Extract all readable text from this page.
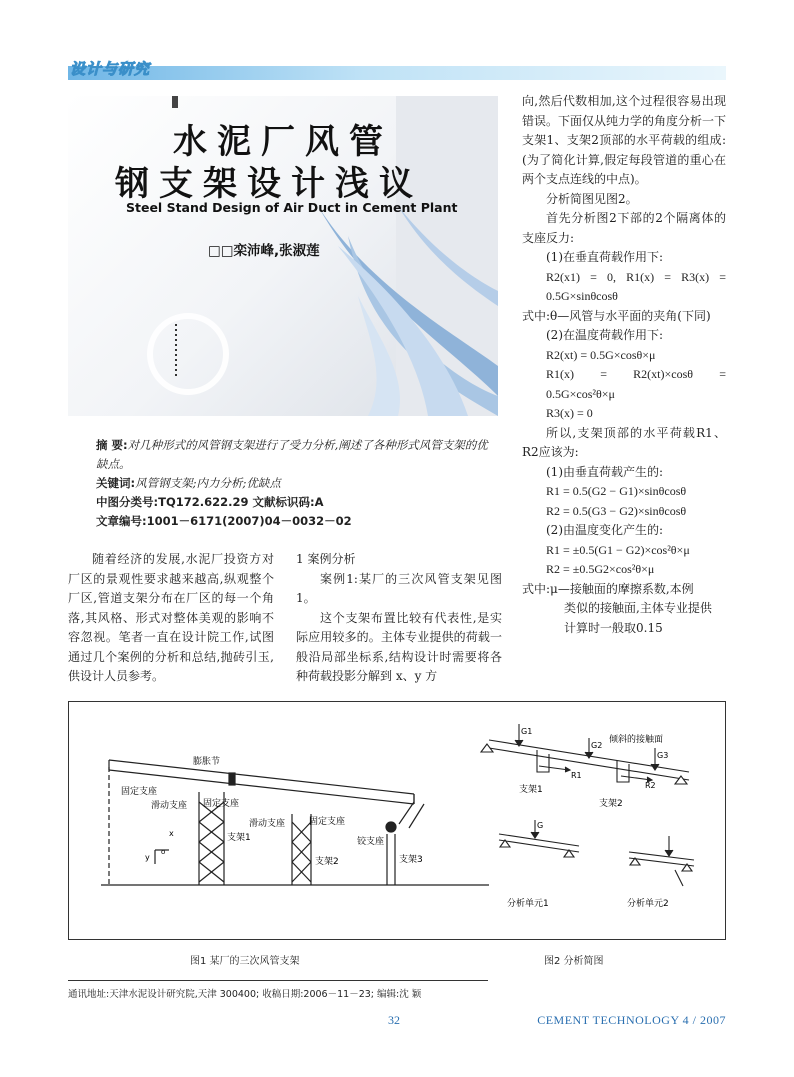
设计与研究
水泥厂风管
钢支架设计浅议
Steel Stand Design of Air Duct in Cement Plant
□□栾沛峰,张淑莲
摘 要:对几种形式的风管钢支架进行了受力分析,阐述了各种形式风管支架的优缺点。
关键词:风管钢支架;内力分析;优缺点
中图分类号:TQ172.622.29 文献标识码:A
文章编号:1001－6171(2007)04－0032－02

随着经济的发展,水泥厂投资方对厂区的景观性要求越来越高,纵观整个厂区,管道支架分布在厂区的每一个角落,其风格、形式对整体美观的影响不容忽视。笔者一直在设计院工作,试图通过几个案例的分析和总结,抛砖引玉,供设计人员参考。

1 案例分析

案例1:某厂的三次风管支架见图1。

这个支架布置比较有代表性,是实际应用较多的。主体专业提供的荷载一般沿局部坐标系,结构设计时需要将各种荷载投影分解到 x、y 方

向,然后代数相加,这个过程很容易出现错误。下面仅从纯力学的角度分析一下支架1、支架2顶部的水平荷载的组成:(为了简化计算,假定每段管道的重心在两个支点连线的中点)。

分析简图见图2。

首先分析图2下部的2个隔离体的支座反力:

(1)在垂直荷载作用下:

R2(x1) = 0, R1(x) = R3(x) = 0.5G×sinθcosθ

式中:θ—风管与水平面的夹角(下同)

(2)在温度荷载作用下:

R2(xt) = 0.5G×cosθ×μ

R1(x) = R2(xt)×cosθ = 0.5G×cos²θ×μ

R3(x) = 0

所以,支架顶部的水平荷载R1、R2应该为:

(1)由垂直荷载产生的:

R1 = 0.5(G2 − G1)×sinθcosθ

R2 = 0.5(G3 − G2)×sinθcosθ

(2)由温度变化产生的:

R1 = ±0.5(G1 − G2)×cos²θ×μ

R2 = ±0.5G2×cos²θ×μ

式中:μ—接触面的摩擦系数,本例

类似的接触面,主体专业提供

计算时一般取0.15

膨胀节
固定支座
滑动支座 固定支座
滑动支座	固定支座
铰支座
支架1
支架2	支架3
x
y
o
G1
G2
G3
倾斜的接触面
R1
R2
支架1
支架2
G
分析单元1	分析单元2
图1 某厂的三次风管支架	图2 分析简图
通讯地址:天津水泥设计研究院,天津 300400; 收稿日期:2006－11－23; 编辑:沈 颖
32	CEMENT TECHNOLOGY 4 / 2007
